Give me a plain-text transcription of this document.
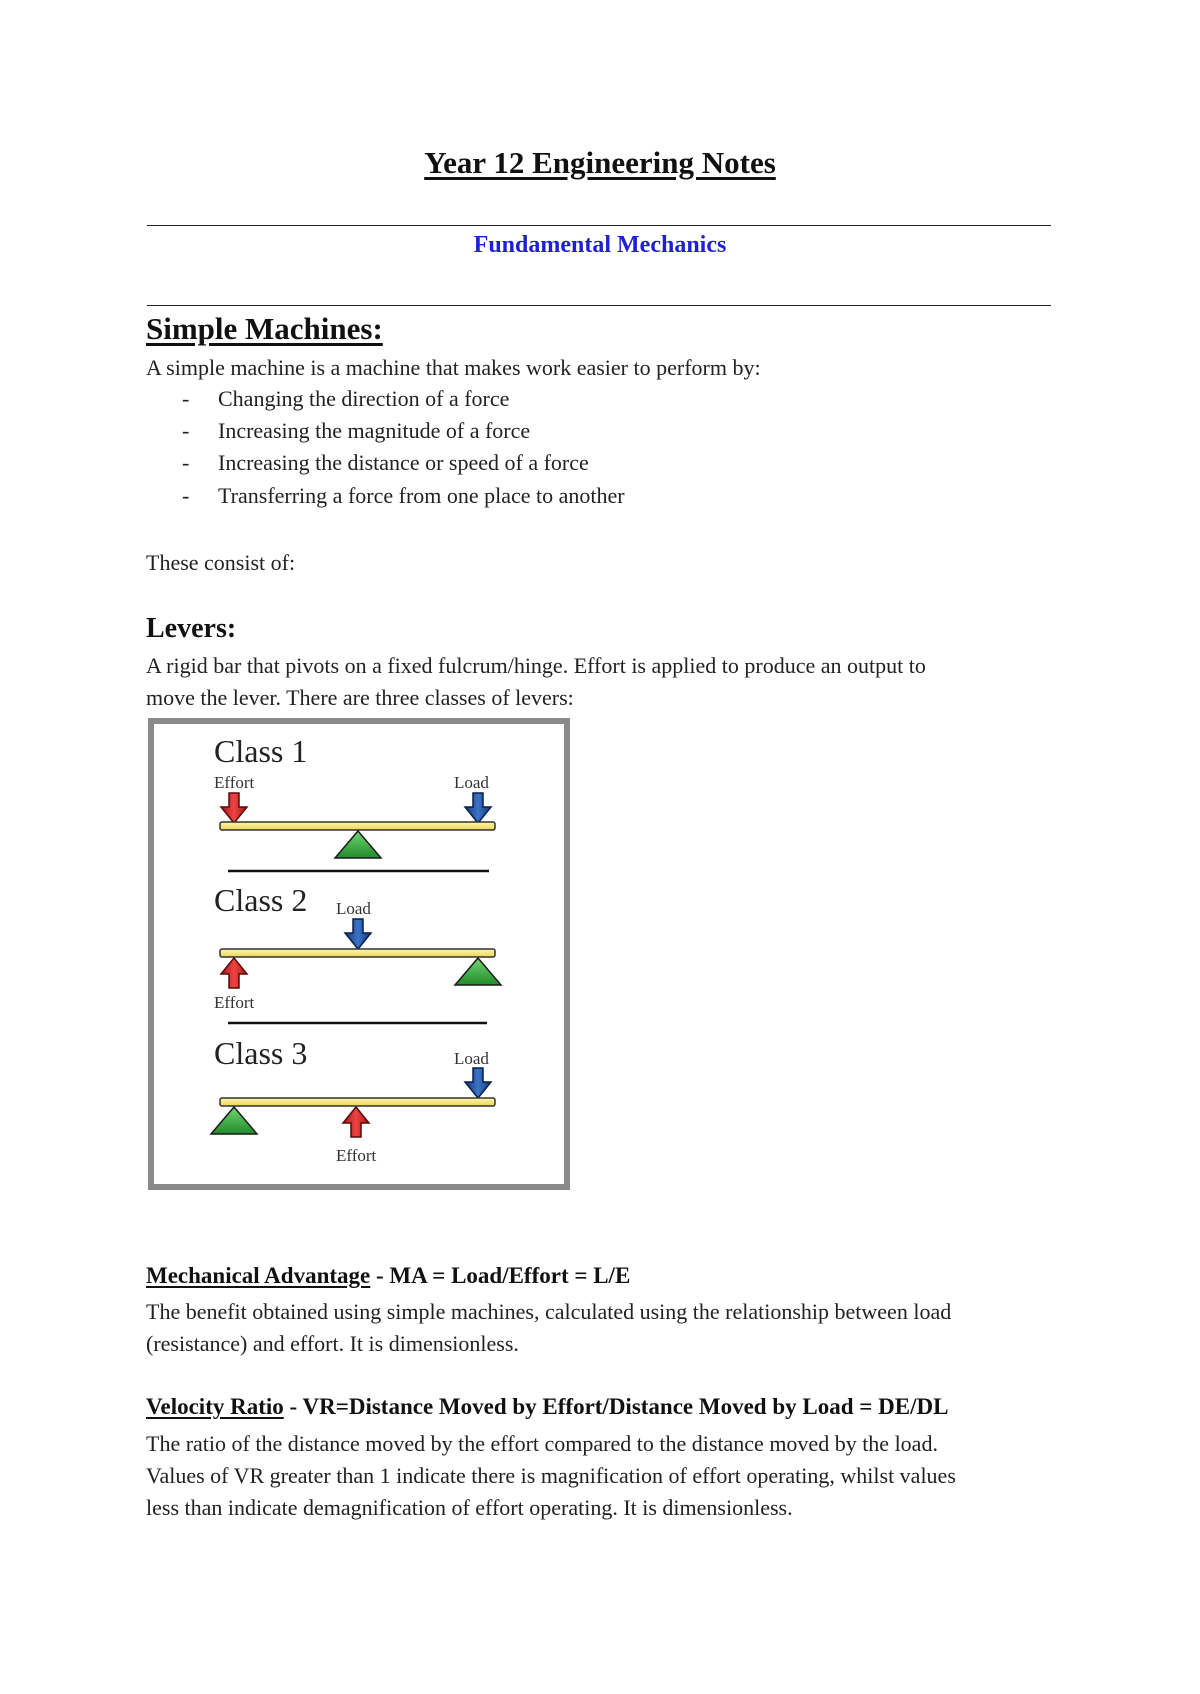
Year 12 Engineering Notes
Fundamental Mechanics
Simple Machines:
A simple machine is a machine that makes work easier to perform by:
- Changing the direction of a force
- Increasing the magnitude of a force
- Increasing the distance or speed of a force
- Transferring a force from one place to another
These consist of:
Levers:
A rigid bar that pivots on a fixed fulcrum/hinge. Effort is applied to produce an output to
move the lever. There are three classes of levers:
Class 1
Effort	Load
Class 2 Load
Effort
Class 3	Load
Effort
Mechanical Advantage - MA = Load/Effort = L/E
The benefit obtained using simple machines, calculated using the relationship between load
(resistance) and effort. It is dimensionless.
Velocity Ratio - VR=Distance Moved by Effort/Distance Moved by Load = DE/DL
The ratio of the distance moved by the effort compared to the distance moved by the load.
Values of VR greater than 1 indicate there is magnification of effort operating, whilst values
less than indicate demagnification of effort operating. It is dimensionless.
